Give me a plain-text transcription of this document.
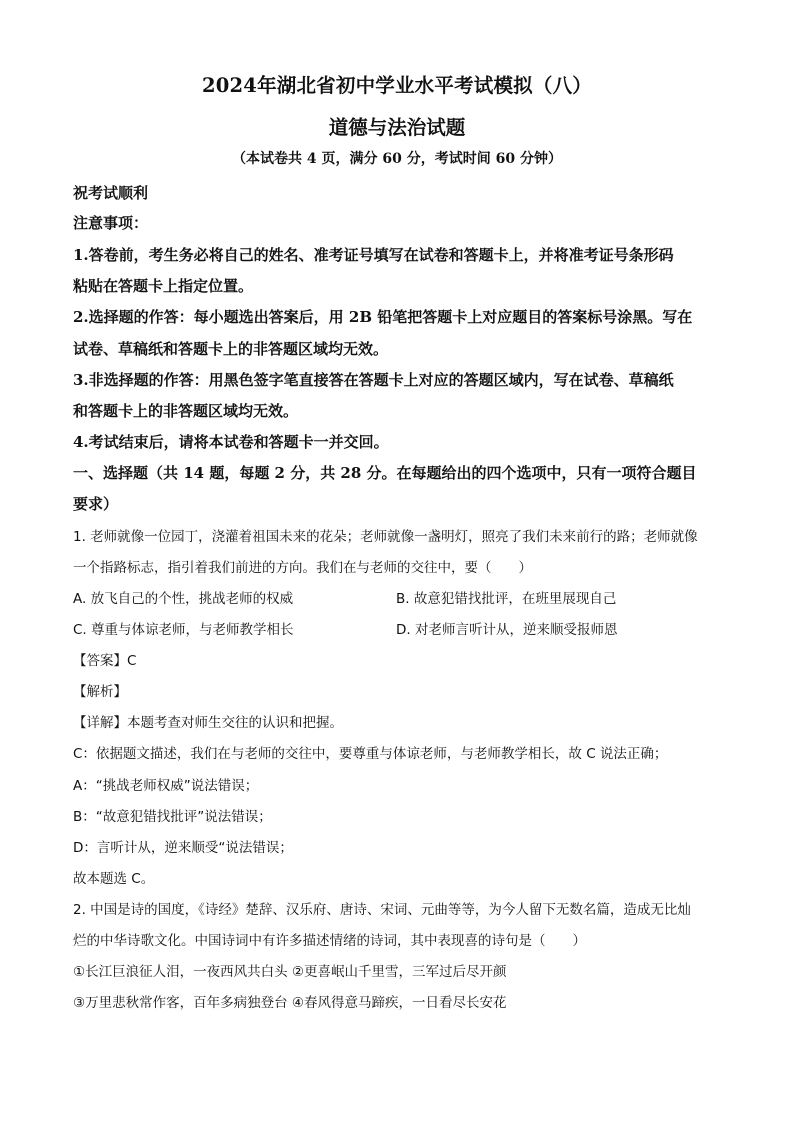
2024年湖北省初中学业水平考试模拟（八）
道德与法治试题
（本试卷共 4 页，满分 60 分，考试时间 60 分钟）
祝考试顺利
注意事项：
1.答卷前，考生务必将自己的姓名、准考证号填写在试卷和答题卡上，并将准考证号条形码
粘贴在答题卡上指定位置。
2.选择题的作答：每小题选出答案后，用 2B 铅笔把答题卡上对应题目的答案标号涂黑。写在
试卷、草稿纸和答题卡上的非答题区域均无效。
3.非选择题的作答：用黑色签字笔直接答在答题卡上对应的答题区域内，写在试卷、草稿纸
和答题卡上的非答题区域均无效。
4.考试结束后，请将本试卷和答题卡一并交回。
一、选择题（共 14 题，每题 2 分，共 28 分。在每题给出的四个选项中，只有一项符合题目
要求）
1. 老师就像一位园丁，浇灌着祖国未来的花朵；老师就像一盏明灯，照亮了我们未来前行的路；老师就像
一个指路标志，指引着我们前进的方向。我们在与老师的交往中，要（　　）
A. 放飞自己的个性，挑战老师的权威	B. 故意犯错找批评，在班里展现自己
C. 尊重与体谅老师，与老师教学相长	D. 对老师言听计从，逆来顺受报师恩
【答案】C
【解析】
【详解】本题考查对师生交往的认识和把握。
C：依据题文描述，我们在与老师的交往中，要尊重与体谅老师，与老师教学相长，故 C 说法正确；
A：“挑战老师权威”说法错误；
B：“故意犯错找批评”说法错误；
D：言听计从，逆来顺受“说法错误；
故本题选 C。
2. 中国是诗的国度，《诗经》楚辞、汉乐府、唐诗、宋词、元曲等等，为今人留下无数名篇，造成无比灿
烂的中华诗歌文化。中国诗词中有许多描述情绪的诗词，其中表现喜的诗句是（　　）
①长江巨浪征人泪，一夜西风共白头 ②更喜岷山千里雪，三军过后尽开颜
③万里悲秋常作客，百年多病独登台 ④春风得意马蹄疾，一日看尽长安花
